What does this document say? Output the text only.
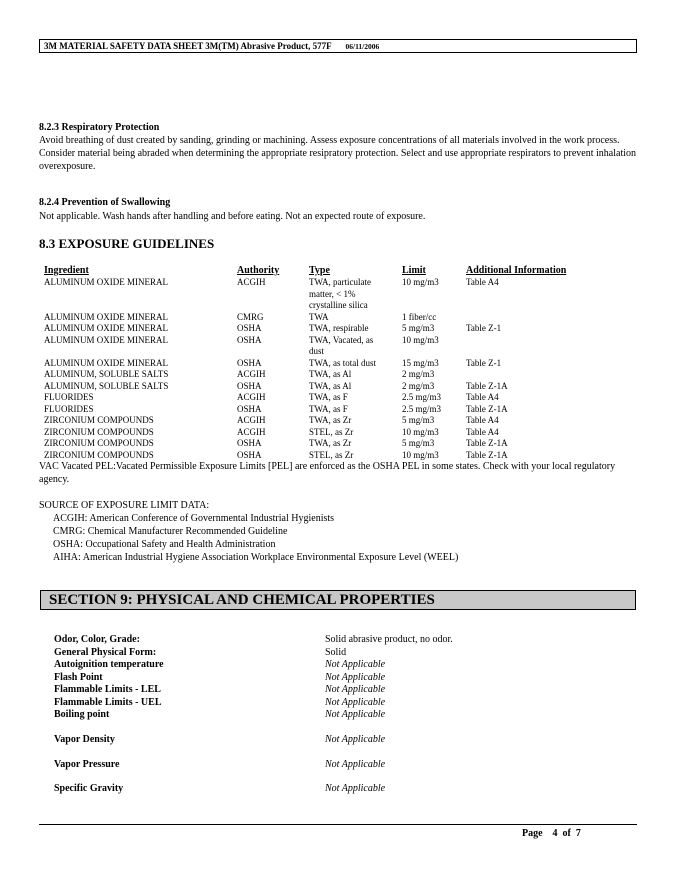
3M MATERIAL SAFETY DATA SHEET 3M(TM) Abrasive Product, 577F 06/11/2006
8.2.3 Respiratory Protection
Avoid breathing of dust created by sanding, grinding or machining. Assess exposure concentrations of all materials involved in the work process. Consider material being abraded when determining the appropriate resipratory protection. Select and use appropriate respirators to prevent inhalation overexposure.
8.2.4 Prevention of Swallowing
Not applicable. Wash hands after handling and before eating. Not an expected route of exposure.
8.3 EXPOSURE GUIDELINES
Ingredient	Authority	Type	Limit	Additional Information
ALUMINUM OXIDE MINERAL	ACGIH	TWA, particulate	10 mg/m3	Table A4
		matter, < 1%		
		crystalline silica		
ALUMINUM OXIDE MINERAL	CMRG	TWA	1 fiber/cc	
ALUMINUM OXIDE MINERAL	OSHA	TWA, respirable	5 mg/m3	Table Z-1
ALUMINUM OXIDE MINERAL	OSHA	TWA, Vacated, as	10 mg/m3	
		dust		
ALUMINUM OXIDE MINERAL	OSHA	TWA, as total dust	15 mg/m3	Table Z-1
ALUMINUM, SOLUBLE SALTS	ACGIH	TWA, as Al	2 mg/m3	
ALUMINUM, SOLUBLE SALTS	OSHA	TWA, as Al	2 mg/m3	Table Z-1A
FLUORIDES	ACGIH	TWA, as F	2.5 mg/m3	Table A4
FLUORIDES	OSHA	TWA, as F	2.5 mg/m3	Table Z-1A
ZIRCONIUM COMPOUNDS	ACGIH	TWA, as Zr	5 mg/m3	Table A4
ZIRCONIUM COMPOUNDS	ACGIH	STEL, as Zr	10 mg/m3	Table A4
ZIRCONIUM COMPOUNDS	OSHA	TWA, as Zr	5 mg/m3	Table Z-1A
ZIRCONIUM COMPOUNDS	OSHA	STEL, as Zr	10 mg/m3	Table Z-1A
VAC Vacated PEL:Vacated Permissible Exposure Limits [PEL] are enforced as the OSHA PEL in some states. Check with your local regulatory agency.
SOURCE OF EXPOSURE LIMIT DATA:
ACGIH: American Conference of Governmental Industrial Hygienists
CMRG: Chemical Manufacturer Recommended Guideline
OSHA: Occupational Safety and Health Administration
AIHA: American Industrial Hygiene Association Workplace Environmental Exposure Level (WEEL)
SECTION 9: PHYSICAL AND CHEMICAL PROPERTIES
Odor, Color, Grade:	Solid abrasive product, no odor.
General Physical Form:	Solid
Autoignition temperature	Not Applicable
Flash Point	Not Applicable
Flammable Limits - LEL	Not Applicable
Flammable Limits - UEL	Not Applicable
Boiling point	Not Applicable
Vapor Density	Not Applicable
Vapor Pressure	Not Applicable
Specific Gravity	Not Applicable
Page 4 of 7
